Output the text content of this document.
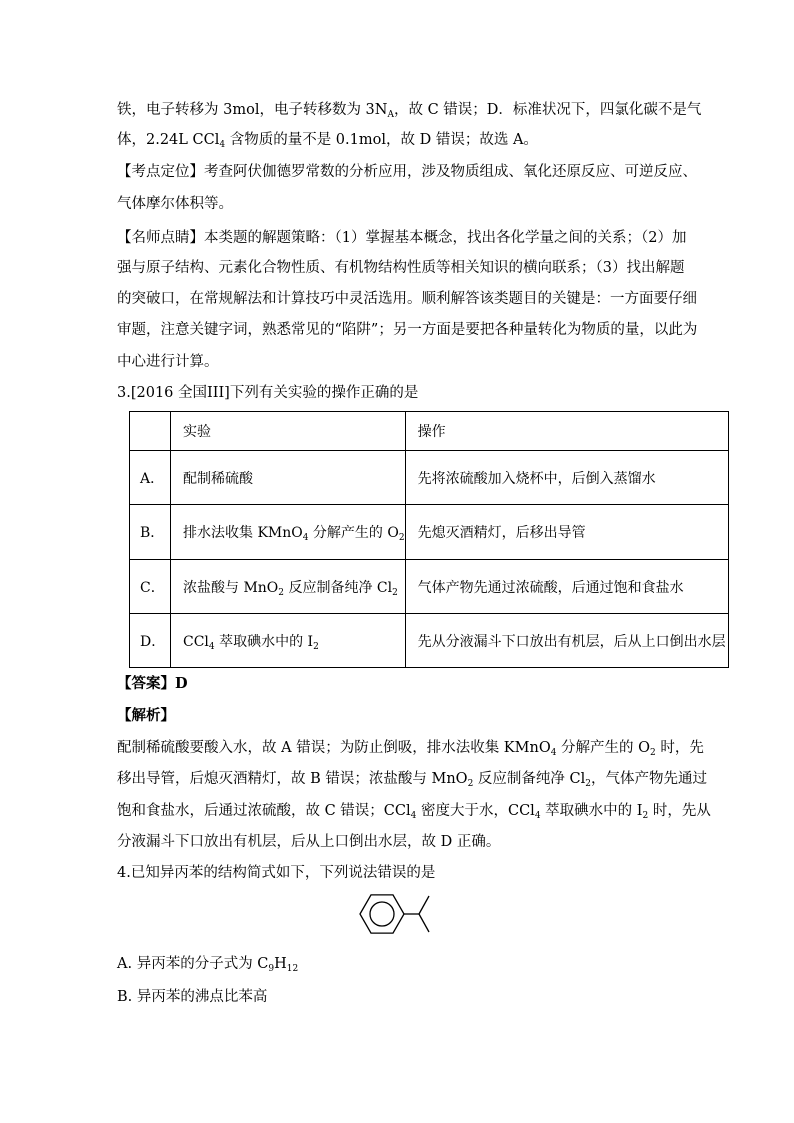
铁，电子转移为 3mol，电子转移数为 $3N_A$，故 C 错误；D．标准状况下，四氯化碳不是气
体，2.24L CCl$_4$ 含物质的量不是 0.1mol，故 D 错误；故选 A。
【考点定位】考查阿伏伽德罗常数的分析应用，涉及物质组成、氧化还原反应、可逆反应、
气体摩尔体积等。
【名师点睛】本类题的解题策略：（1）掌握基本概念，找出各化学量之间的关系；（2）加
强与原子结构、元素化合物性质、有机物结构性质等相关知识的横向联系；（3）找出解题
的突破口，在常规解法和计算技巧中灵活选用。顺利解答该类题目的关键是：一方面要仔细
审题，注意关键字词，熟悉常见的“陷阱”；另一方面是要把各种量转化为物质的量，以此为
中心进行计算。
3.[2016 全国III]下列有关实验的操作正确的是
	实验	操作
A．	配制稀硫酸	先将浓硫酸加入烧杯中，后倒入蒸馏水
B．	排水法收集 KMnO$_4$ 分解产生的 $O_2$	先熄灭酒精灯，后移出导管
C．	浓盐酸与 MnO$_2$ 反应制备纯净 $Cl_2$	气体产物先通过浓硫酸，后通过饱和食盐水
D．	CCl$_4$ 萃取碘水中的 $I_2$	先从分液漏斗下口放出有机层，后从上口倒出水层
【答案】D
【解析】
配制稀硫酸要酸入水，故 A 错误；为防止倒吸，排水法收集 KMnO$_4$ 分解产生的 $O_2$ 时，先
移出导管，后熄灭酒精灯，故 B 错误；浓盐酸与 MnO$_2$ 反应制备纯净 $Cl_2$，气体产物先通过
饱和食盐水，后通过浓硫酸，故 C 错误；CCl$_4$ 密度大于水，CCl$_4$ 萃取碘水中的 $I_2$ 时，先从
分液漏斗下口放出有机层，后从上口倒出水层，故 D 正确。
4.已知异丙苯的结构简式如下，下列说法错误的是
A. 异丙苯的分子式为 $C_9H_{12}$
B. 异丙苯的沸点比苯高
